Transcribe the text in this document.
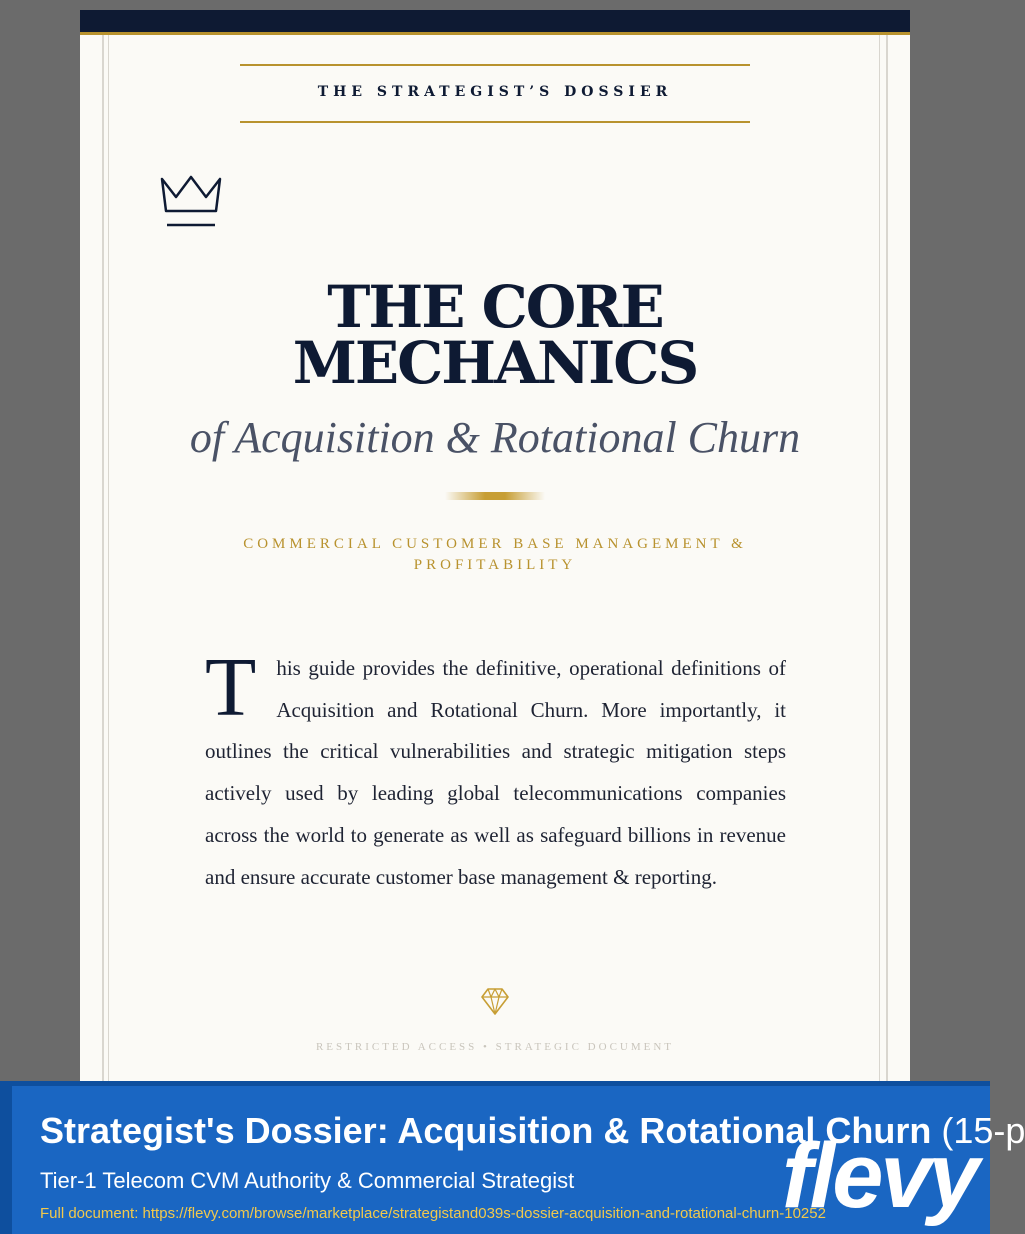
THE STRATEGIST’S DOSSIER
THE CORE
MECHANICS
of Acquisition & Rotational Churn
COMMERCIAL CUSTOMER BASE MANAGEMENT & PROFITABILITY

This guide provides the definitive, operational definitions of Acquisition and Rotational Churn. More importantly, it outlines the critical vulnerabilities and strategic mitigation steps actively used by leading global telecommunications companies across the world to generate as well as safeguard billions in revenue and ensure accurate customer base management & reporting.

RESTRICTED ACCESS • STRATEGIC DOCUMENT
Strategist's Dossier: Acquisition & Rotational Churn (15-p
Tier-1 Telecom CVM Authority & Commercial Strategist
Full document: https://flevy.com/browse/marketplace/strategistand039s-dossier-acquisition-and-rotational-churn-10252
flevy
